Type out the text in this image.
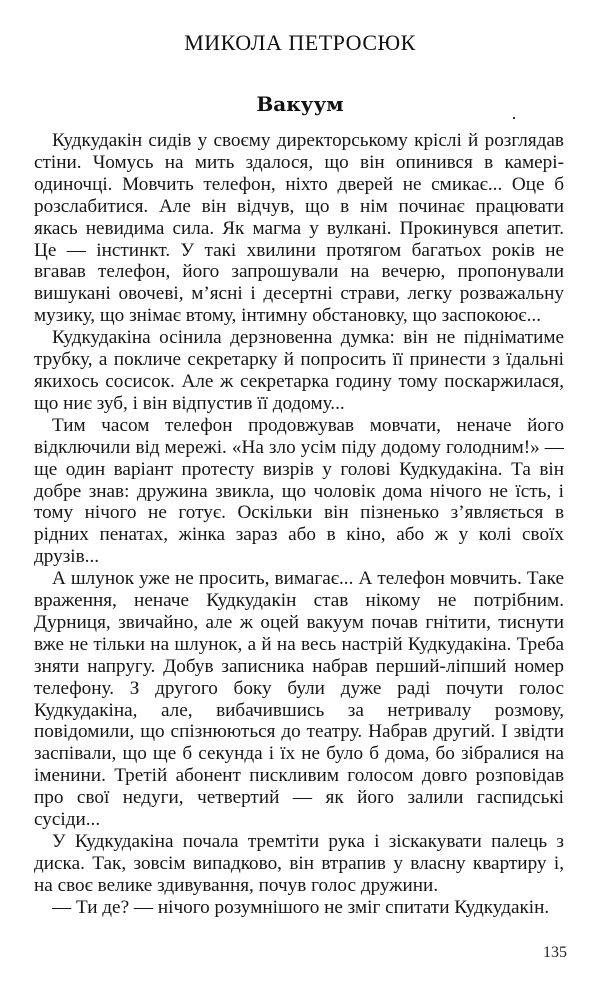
МИКОЛА ПЕТРОСЮК
Вакуум

Кудкудакін сидів у своєму директорському кріслі й розглядав стіни. Чомусь на мить здалося, що він опинився в камері-одиночці. Мовчить телефон, ніхто дверей не смикає... Оце б розслабитися. Але він відчув, що в нім починає працювати якась невидима сила. Як магма у вулкані. Прокинувся апетит. Це — інстинкт. У такі хвилини протягом багатьох років не вгавав телефон, його запрошували на вечерю, пропонували вишукані овочеві, м’ясні і десертні страви, легку розважальну музику, що знімає втому, інтимну обстановку, що заспокоює...

Кудкудакіна осінила дерзновенна думка: він не підніматиме трубку, а покличе секретарку й попросить її принести з їдальні якихось сосисок. Але ж секретарка годину тому поскаржилася, що ниє зуб, і він відпустив її додому...

Тим часом телефон продовжував мовчати, неначе його відключили від мережі. «На зло усім піду додому голодним!» — ще один варіант протесту визрів у голові Кудкудакіна. Та він добре знав: дружина звикла, що чоловік дома нічого не їсть, і тому нічого не готує. Оскільки він пізненько з’являється в рідних пенатах, жінка зараз або в кіно, або ж у колі своїх друзів...

А шлунок уже не просить, вимагає... А телефон мовчить. Таке враження, неначе Кудкудакін став нікому не потрібним. Дурниця, звичайно, але ж оцей вакуум почав гнітити, тиснути вже не тільки на шлунок, а й на весь настрій Кудкудакіна. Треба зняти напругу. Добув записника набрав перший-ліпший номер телефону. З другого боку були дуже раді почути голос Кудкудакіна, але, вибачившись за нетривалу розмову, повідомили, що спізнюються до театру. Набрав другий. І звідти заспівали, що ще б секунда і їх не було б дома, бо зібралися на іменини. Третій абонент пискливим голосом довго розповідав про свої недуги, четвертий — як його залили гаспидські сусіди...

У Кудкудакіна почала тремтіти рука і зіскакувати палець з диска. Так, зовсім випадково, він втрапив у власну квартиру і, на своє велике здивування, почув голос дружини.

— Ти де? — нічого розумнішого не зміг спитати Кудкудакін.

135
